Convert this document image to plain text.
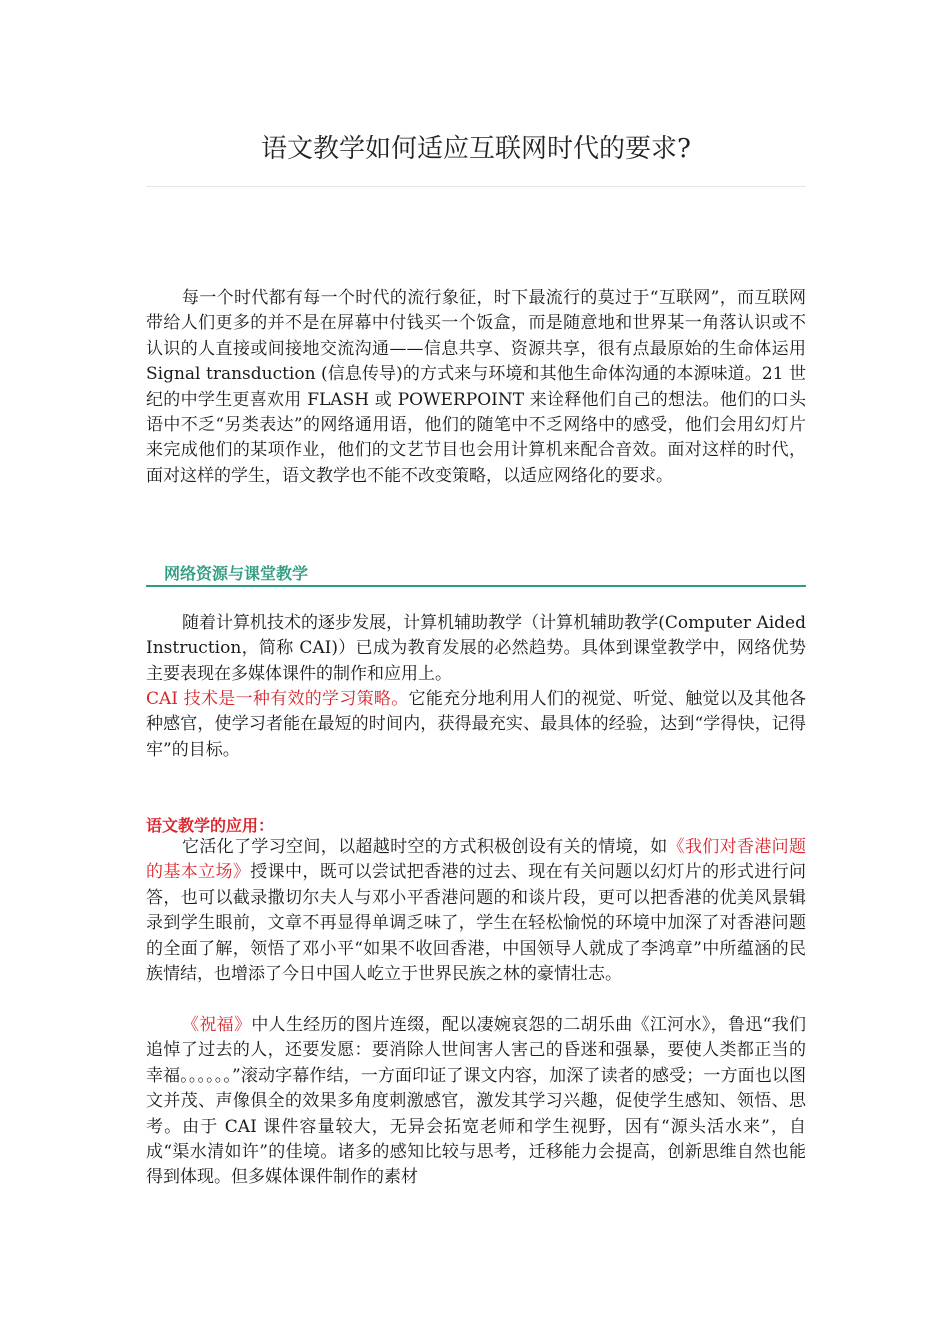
语文教学如何适应互联网时代的要求?

每一个时代都有每一个时代的流行象征，时下最流行的莫过于“互联网”，而互联网带给人们更多的并不是在屏幕中付钱买一个饭盒，而是随意地和世界某一角落认识或不认识的人直接或间接地交流沟通——信息共享、资源共享，很有点最原始的生命体运用 Signal transduction (信息传导)的方式来与环境和其他生命体沟通的本源味道。21 世纪的中学生更喜欢用 FLASH 或 POWERPOINT 来诠释他们自己的想法。他们的口头语中不乏“另类表达”的网络通用语，他们的随笔中不乏网络中的感受，他们会用幻灯片来完成他们的某项作业，他们的文艺节目也会用计算机来配合音效。面对这样的时代，面对这样的学生，语文教学也不能不改变策略，以适应网络化的要求。

网络资源与课堂教学

随着计算机技术的逐步发展，计算机辅助教学（计算机辅助教学(Computer Aided Instruction，简称 CAI)）已成为教育发展的必然趋势。具体到课堂教学中，网络优势主要表现在多媒体课件的制作和应用上。

CAI 技术是一种有效的学习策略。它能充分地利用人们的视觉、听觉、触觉以及其他各种感官，使学习者能在最短的时间内，获得最充实、最具体的经验，达到“学得快，记得牢”的目标。

语文教学的应用：

它活化了学习空间，以超越时空的方式积极创设有关的情境，如《我们对香港问题的基本立场》授课中，既可以尝试把香港的过去、现在有关问题以幻灯片的形式进行问答，也可以截录撒切尔夫人与邓小平香港问题的和谈片段，更可以把香港的优美风景辑录到学生眼前，文章不再显得单调乏味了，学生在轻松愉悦的环境中加深了对香港问题的全面了解，领悟了邓小平“如果不收回香港，中国领导人就成了李鸿章”中所蕴涵的民族情结，也增添了今日中国人屹立于世界民族之林的豪情壮志。

《祝福》中人生经历的图片连缀，配以凄婉哀怨的二胡乐曲《江河水》，鲁迅“我们追悼了过去的人，还要发愿：要消除人世间害人害己的昏迷和强暴，要使人类都正当的幸福。。。。。。”滚动字幕作结，一方面印证了课文内容，加深了读者的感受；一方面也以图文并茂、声像俱全的效果多角度刺激感官，激发其学习兴趣，促使学生感知、领悟、思考。由于 CAI 课件容量较大，无异会拓宽老师和学生视野，因有“源头活水来”，自成“渠水清如许”的佳境。诸多的感知比较与思考，迁移能力会提高，创新思维自然也能得到体现。但多媒体课件制作的素材
